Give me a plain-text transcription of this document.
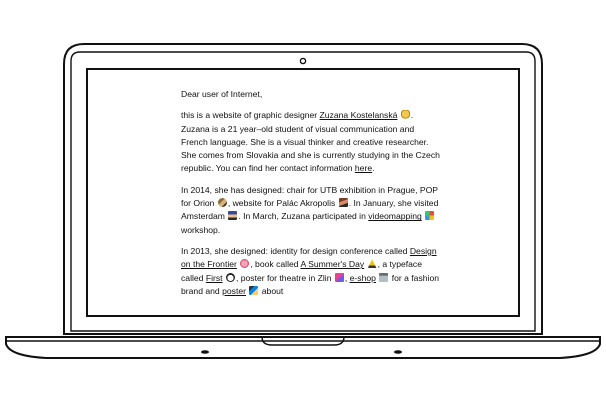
Dear user of Internet,

this is a website of graphic designer Zuzana Kostelanská . Zuzana is a 21 year–old student of visual communication and French language. She is a visual thinker and creative researcher. She comes from Slovakia and she is currently studying in the Czech republic. You can find her contact information here.

In 2014, she has designed: chair for UTB exhibition in Prague, POP for Orion , website for Palác Akropolis . In January, she visited Amsterdam . In March, Zuzana participated in videomapping  workshop.

In 2013, she designed: identity for design conference called Design on the Frontier , book called A Summer's Day , a typeface called First , poster for theatre in Zlin , e-shop  for a fashion brand and poster  about
